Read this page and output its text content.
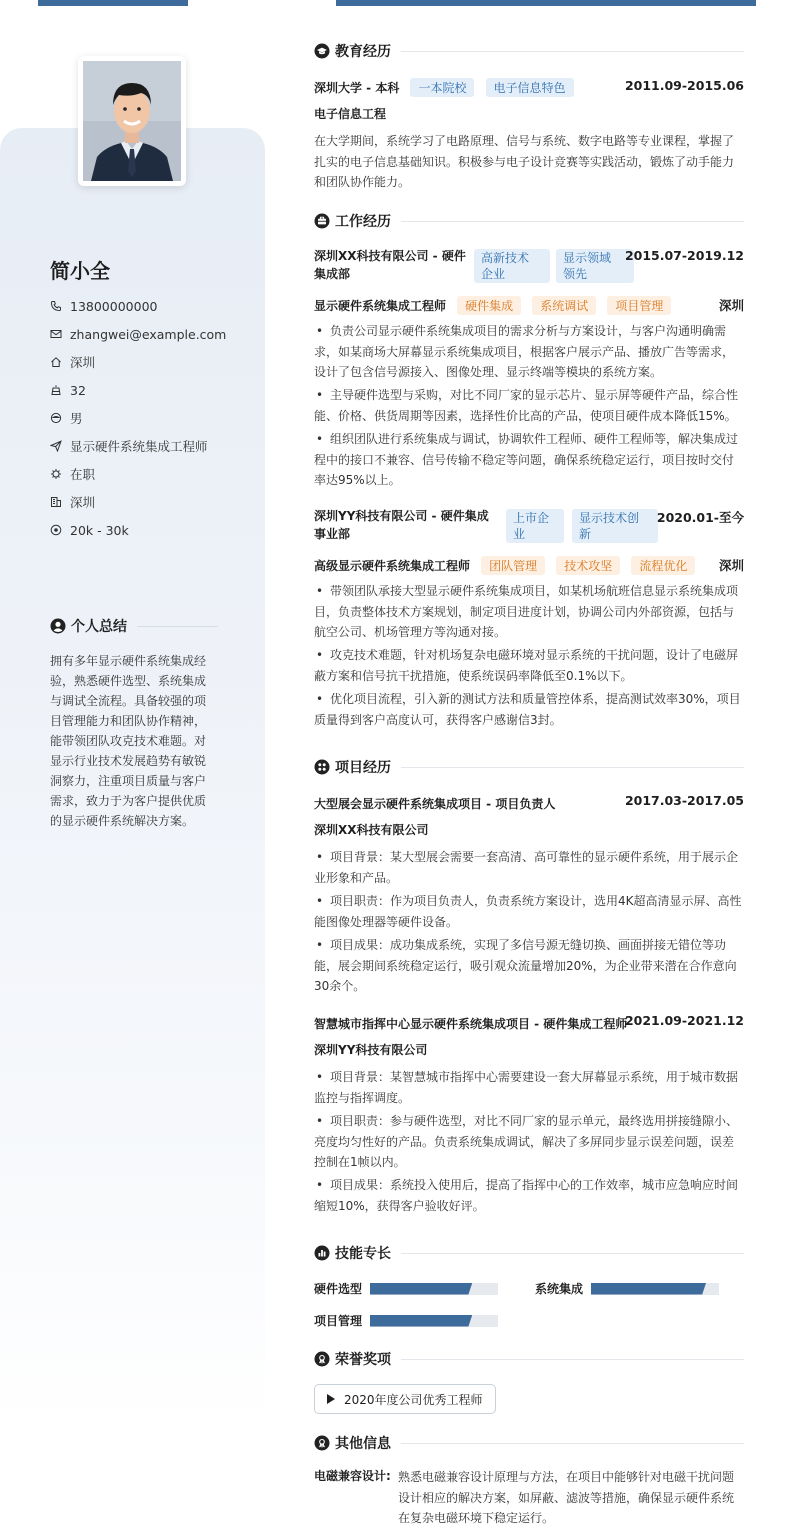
简小全
13800000000
zhangwei@example.com
深圳
32
男
显示硬件系统集成工程师
在职
深圳
20k - 30k
个人总结
拥有多年显示硬件系统集成经
验，熟悉硬件选型、系统集成
与调试全流程。具备较强的项
目管理能力和团队协作精神，
能带领团队攻克技术难题。对
显示行业技术发展趋势有敏锐
洞察力，注重项目质量与客户
需求，致力于为客户提供优质
的显示硬件系统解决方案。
教育经历
深圳大学 - 本科 一本院校 电子信息特色	2011.09-2015.06
电子信息工程
在大学期间，系统学习了电路原理、信号与系统、数字电路等专业课程，掌握了
扎实的电子信息基础知识。积极参与电子设计竞赛等实践活动，锻炼了动手能力
和团队协作能力。
工作经历
深圳XX科技有限公司 - 硬件
集成部
高新技术
企业
显示领域
领先
2015.07-2019.12
显示硬件系统集成工程师 硬件集成 系统调试 项目管理	深圳
• 负责公司显示硬件系统集成项目的需求分析与方案设计，与客户沟通明确需
求，如某商场大屏幕显示系统集成项目，根据客户展示产品、播放广告等需求，
设计了包含信号源接入、图像处理、显示终端等模块的系统方案。
• 主导硬件选型与采购，对比不同厂家的显示芯片、显示屏等硬件产品，综合性
能、价格、供货周期等因素，选择性价比高的产品，使项目硬件成本降低15%。
• 组织团队进行系统集成与调试，协调软件工程师、硬件工程师等，解决集成过
程中的接口不兼容、信号传输不稳定等问题，确保系统稳定运行，项目按时交付
率达95%以上。
深圳YY科技有限公司 - 硬件集成
事业部
上市企
业
显示技术创
新
2020.01-至今
高级显示硬件系统集成工程师 团队管理 技术攻坚 流程优化	深圳
• 带领团队承接大型显示硬件系统集成项目，如某机场航班信息显示系统集成项
目，负责整体技术方案规划，制定项目进度计划，协调公司内外部资源，包括与
航空公司、机场管理方等沟通对接。
• 攻克技术难题，针对机场复杂电磁环境对显示系统的干扰问题，设计了电磁屏
蔽方案和信号抗干扰措施，使系统误码率降低至0.1%以下。
• 优化项目流程，引入新的测试方法和质量管控体系，提高测试效率30%，项目
质量得到客户高度认可，获得客户感谢信3封。
项目经历
大型展会显示硬件系统集成项目 - 项目负责人	2017.03-2017.05
深圳XX科技有限公司
• 项目背景：某大型展会需要一套高清、高可靠性的显示硬件系统，用于展示企
业形象和产品。
• 项目职责：作为项目负责人，负责系统方案设计，选用4K超高清显示屏、高性
能图像处理器等硬件设备。
• 项目成果：成功集成系统，实现了多信号源无缝切换、画面拼接无错位等功
能，展会期间系统稳定运行，吸引观众流量增加20%，为企业带来潜在合作意向
30余个。
智慧城市指挥中心显示硬件系统集成项目 - 硬件集成工程师
2021.09-2021.12
深圳YY科技有限公司
• 项目背景：某智慧城市指挥中心需要建设一套大屏幕显示系统，用于城市数据
监控与指挥调度。
• 项目职责：参与硬件选型，对比不同厂家的显示单元，最终选用拼接缝隙小、
亮度均匀性好的产品。负责系统集成调试，解决了多屏同步显示误差问题，误差
控制在1帧以内。
• 项目成果：系统投入使用后，提高了指挥中心的工作效率，城市应急响应时间
缩短10%，获得客户验收好评。
技能专长
硬件选型	系统集成
项目管理
荣誉奖项
2020年度公司优秀工程师
其他信息
电磁兼容设计: 熟悉电磁兼容设计原理与方法，在项目中能够针对电磁干扰问题
设计相应的解决方案，如屏蔽、滤波等措施，确保显示硬件系统
在复杂电磁环境下稳定运行。
